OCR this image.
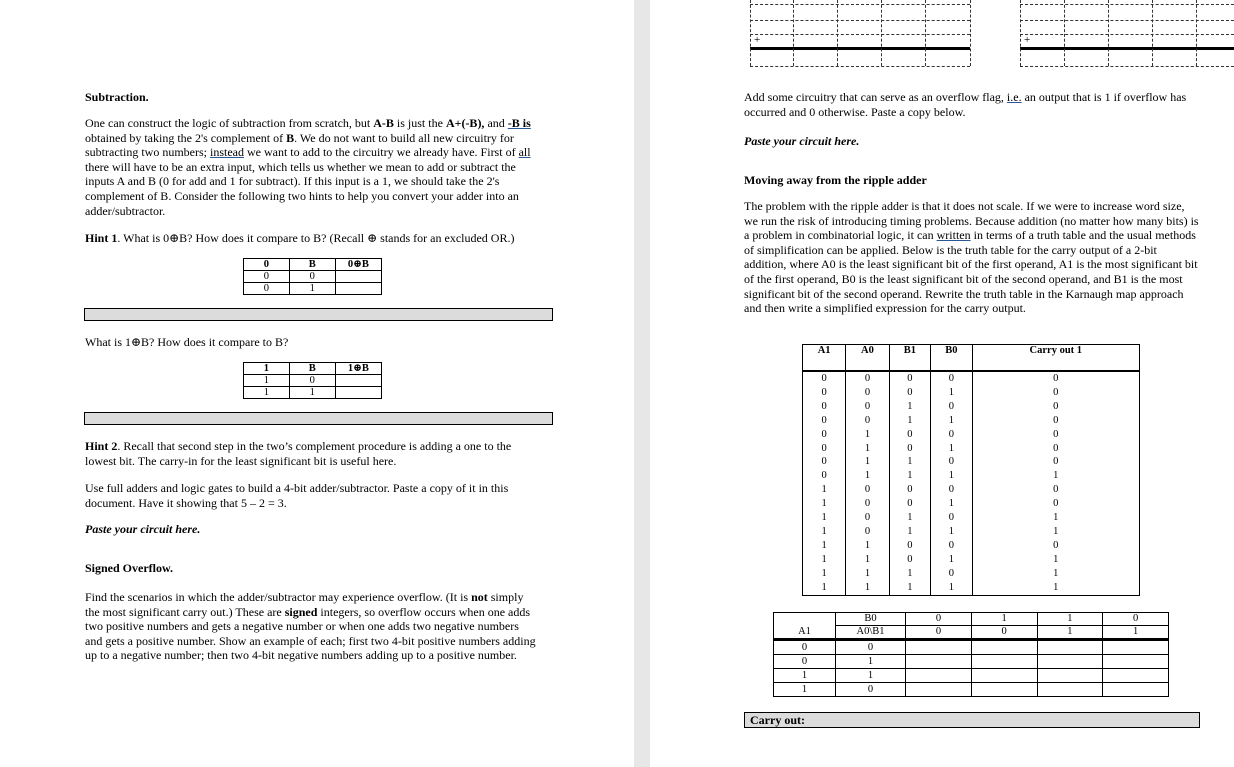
Subtraction.

One can construct the logic of subtraction from scratch, but A-B is just the A+(-B), and -B is obtained by taking the 2's complement of B. We do not want to build all new circuitry for subtracting two numbers; instead we want to add to the circuitry we already have. First of all there will have to be an extra input, which tells us whether we mean to add or subtract the inputs A and B (0 for add and 1 for subtract). If this input is a 1, we should take the 2's complement of B. Consider the following two hints to help you convert your adder into an adder/subtractor.

Hint 1. What is 0⊕B? How does it compare to B? (Recall ⊕ stands for an excluded OR.)

0	B	0⊕B
0	0	
0	1	

What is 1⊕B? How does it compare to B?

1	B	1⊕B
1	0	
1	1	

Hint 2. Recall that second step in the two’s complement procedure is adding a one to the lowest bit. The carry-in for the least significant bit is useful here.

Use full adders and logic gates to build a 4-bit adder/subtractor. Paste a copy of it in this document. Have it showing that 5 – 2 = 3.

Paste your circuit here.

Signed Overflow.

Find the scenarios in which the adder/subtractor may experience overflow. (It is not simply the most significant carry out.) These are signed integers, so overflow occurs when one adds two positive numbers and gets a negative number or when one adds two negative numbers and gets a positive number. Show an example of each; first two 4-bit positive numbers adding up to a negative number; then two 4-bit negative numbers adding up to a positive number.

+	+

Add some circuitry that can serve as an overflow flag, i.e. an output that is 1 if overflow has occurred and 0 otherwise. Paste a copy below.

Paste your circuit here.

Moving away from the ripple adder

The problem with the ripple adder is that it does not scale. If we were to increase word size, we run the risk of introducing timing problems. Because addition (no matter how many bits) is a problem in combinatorial logic, it can written in terms of a truth table and the usual methods of simplification can be applied. Below is the truth table for the carry output of a 2-bit addition, where A0 is the least significant bit of the first operand, A1 is the most significant bit of the first operand, B0 is the least significant bit of the second operand, and B1 is the most significant bit of the second operand. Rewrite the truth table in the Karnaugh map approach and then write a simplified expression for the carry output.

A1	A0	B1	B0	Carry out 1
0	0	0	0	0
0	0	0	1	0
0	0	1	0	0
0	0	1	1	0
0	1	0	0	0
0	1	0	1	0
0	1	1	0	0
0	1	1	1	1
1	0	0	0	0
1	0	0	1	0
1	0	1	0	1
1	0	1	1	1
1	1	0	0	0
1	1	0	1	1
1	1	1	0	1
1	1	1	1	1
	B0	0	1	1	0
A1	A0\B1	0	0	1	1
0	0				
0	1				
1	1				
1	0				
Carry out:
